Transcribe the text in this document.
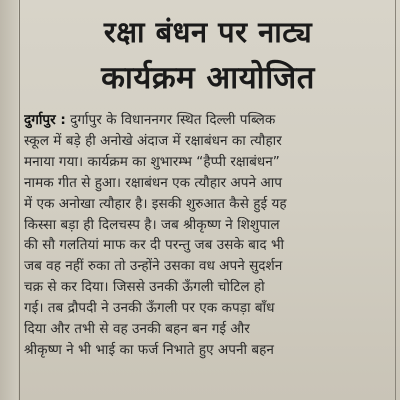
रक्षा बंधन पर नाट्य
कार्यक्रम आयोजित
दुर्गापुर : दुर्गापुर के विधाननगर स्थित दिल्ली पब्लिक
स्कूल में बड़े ही अनोखे अंदाज में रक्षाबंधन का त्यौहार
मनाया गया। कार्यक्रम का शुभारम्भ “हैप्पी रक्षाबंधन”
नामक गीत से हुआ। रक्षाबंधन एक त्यौहार अपने आप
में एक अनोखा त्यौहार है। इसकी शुरुआत कैसे हुई यह
किस्सा बड़ा ही दिलचस्प है। जब श्रीकृष्ण ने शिशुपाल
की सौ गलतियां माफ कर दी परन्तु जब उसके बाद भी
जब वह नहीं रुका तो उन्होंने उसका वध अपने सुदर्शन
चक्र से कर दिया। जिससे उनकी ऊँगली चोटिल हो
गई। तब द्रौपदी ने उनकी ऊँगली पर एक कपड़ा बाँध
दिया और तभी से वह उनकी बहन बन गई और
श्रीकृष्ण ने भी भाई का फर्ज निभाते हुए अपनी बहन
